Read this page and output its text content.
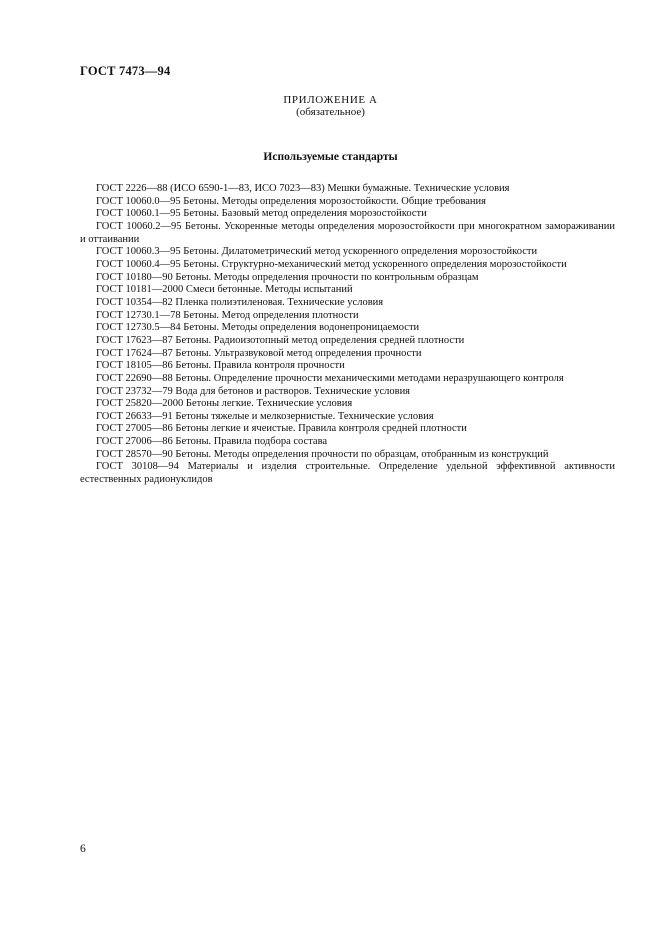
ГОСТ 7473—94
ПРИЛОЖЕНИЕ А
(обязательное)
Используемые стандарты
ГОСТ 2226—88 (ИСО 6590-1—83, ИСО 7023—83) Мешки бумажные. Технические условия
ГОСТ 10060.0—95 Бетоны. Методы определения морозостойкости. Общие требования
ГОСТ 10060.1—95 Бетоны. Базовый метод определения морозостойкости
ГОСТ 10060.2—95 Бетоны. Ускоренные методы определения морозостойкости при многократном замораживании и оттаивании
ГОСТ 10060.3—95 Бетоны. Дилатометрический метод ускоренного определения морозостойкости
ГОСТ 10060.4—95 Бетоны. Структурно-механический метод ускоренного определения морозостойкости
ГОСТ 10180—90 Бетоны. Методы определения прочности по контрольным образцам
ГОСТ 10181—2000 Смеси бетонные. Методы испытаний
ГОСТ 10354—82 Пленка полиэтиленовая. Технические условия
ГОСТ 12730.1—78 Бетоны. Метод определения плотности
ГОСТ 12730.5—84 Бетоны. Методы определения водонепроницаемости
ГОСТ 17623—87 Бетоны. Радиоизотопный метод определения средней плотности
ГОСТ 17624—87 Бетоны. Ультразвуковой метод определения прочности
ГОСТ 18105—86 Бетоны. Правила контроля прочности
ГОСТ 22690—88 Бетоны. Определение прочности механическими методами неразрушающего контроля
ГОСТ 23732—79 Вода для бетонов и растворов. Технические условия
ГОСТ 25820—2000 Бетоны легкие. Технические условия
ГОСТ 26633—91 Бетоны тяжелые и мелкозернистые. Технические условия
ГОСТ 27005—86 Бетоны легкие и ячеистые. Правила контроля средней плотности
ГОСТ 27006—86 Бетоны. Правила подбора состава
ГОСТ 28570—90 Бетоны. Методы определения прочности по образцам, отобранным из конструкций
ГОСТ 30108—94 Материалы и изделия строительные. Определение удельной эффективной активности естественных радионуклидов
6
